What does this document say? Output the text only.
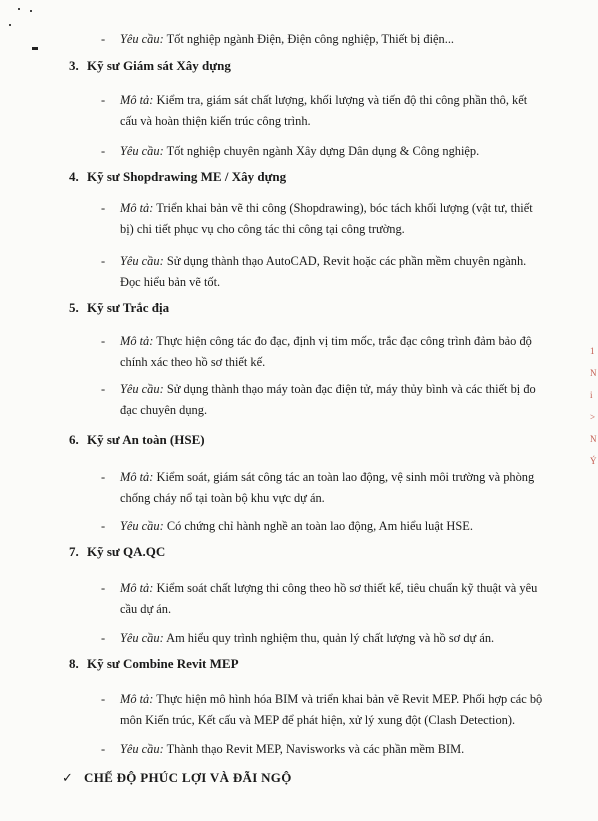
-	Yêu cầu: Tốt nghiệp ngành Điện, Điện công nghiệp, Thiết bị điện...
3. Kỹ sư Giám sát Xây dựng
-	Mô tả: Kiểm tra, giám sát chất lượng, khối lượng và tiến độ thi công phần thô, kết cấu và hoàn thiện kiến trúc công trình.
-	Yêu cầu: Tốt nghiệp chuyên ngành Xây dựng Dân dụng & Công nghiệp.
4. Kỹ sư Shopdrawing ME / Xây dựng
-	Mô tả: Triển khai bản vẽ thi công (Shopdrawing), bóc tách khối lượng (vật tư, thiết bị) chi tiết phục vụ cho công tác thi công tại công trường.
-	Yêu cầu: Sử dụng thành thạo AutoCAD, Revit hoặc các phần mềm chuyên ngành. Đọc hiểu bản vẽ tốt.
5. Kỹ sư Trắc địa
-	Mô tả: Thực hiện công tác đo đạc, định vị tim mốc, trắc đạc công trình đảm bảo độ chính xác theo hồ sơ thiết kế.
-	Yêu cầu: Sử dụng thành thạo máy toàn đạc điện tử, máy thủy bình và các thiết bị đo đạc chuyên dụng.
6. Kỹ sư An toàn (HSE)
-	Mô tả: Kiểm soát, giám sát công tác an toàn lao động, vệ sinh môi trường và phòng chống cháy nổ tại toàn bộ khu vực dự án.
-	Yêu cầu: Có chứng chỉ hành nghề an toàn lao động, Am hiểu luật HSE.
7. Kỹ sư QA.QC
-	Mô tả: Kiểm soát chất lượng thi công theo hồ sơ thiết kế, tiêu chuẩn kỹ thuật và yêu cầu dự án.
-	Yêu cầu: Am hiểu quy trình nghiệm thu, quản lý chất lượng và hồ sơ dự án.
8. Kỹ sư Combine Revit MEP
-	Mô tả: Thực hiện mô hình hóa BIM và triển khai bản vẽ Revit MEP. Phối hợp các bộ môn Kiến trúc, Kết cấu và MEP để phát hiện, xử lý xung đột (Clash Detection).
-	Yêu cầu: Thành thạo Revit MEP, Navisworks và các phần mềm BIM.
✓ CHẾ ĐỘ PHÚC LỢI VÀ ĐÃI NGỘ
1
N
i
>
N
Ý
